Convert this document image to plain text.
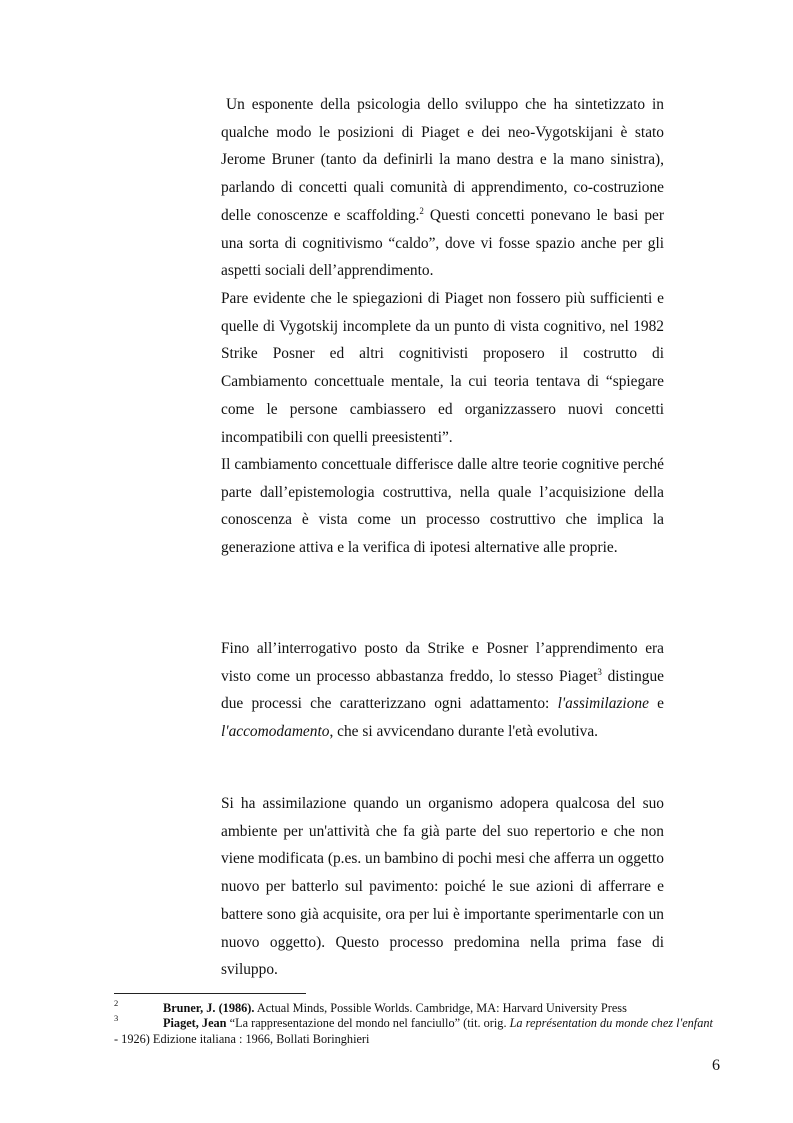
Un esponente della psicologia dello sviluppo che ha sintetizzato in qualche modo le posizioni di Piaget e dei neo-Vygotskijani è stato Jerome Bruner (tanto da definirli la mano destra e la mano sinistra), parlando di concetti quali comunità di apprendimento, co-costruzione delle conoscenze e scaffolding.$^2$ Questi concetti ponevano le basi per una sorta di cognitivismo “caldo”, dove vi fosse spazio anche per gli aspetti sociali dell’apprendimento.

Pare evidente che le spiegazioni di Piaget non fossero più sufficienti e quelle di Vygotskij incomplete da un punto di vista cognitivo, nel 1982 Strike Posner ed altri cognitivisti proposero il costrutto di Cambiamento concettuale mentale, la cui teoria tentava di “spiegare come le persone cambiassero ed organizzassero nuovi concetti incompatibili con quelli preesistenti”.

Il cambiamento concettuale differisce dalle altre teorie cognitive perché parte dall’epistemologia costruttiva, nella quale l’acquisizione della conoscenza è vista come un processo costruttivo che implica la generazione attiva e la verifica di ipotesi alternative alle proprie.

Fino all’interrogativo posto da Strike e Posner l’apprendimento era visto come un processo abbastanza freddo, lo stesso Piaget$^3$ distingue due processi che caratterizzano ogni adattamento: l'assimilazione e l'accomodamento, che si avvicendano durante l'età evolutiva.

Si ha assimilazione quando un organismo adopera qualcosa del suo ambiente per un'attività che fa già parte del suo repertorio e che non viene modificata (p.es. un bambino di pochi mesi che afferra un oggetto nuovo per batterlo sul pavimento: poiché le sue azioni di afferrare e battere sono già acquisite, ora per lui è importante sperimentarle con un nuovo oggetto). Questo processo predomina nella prima fase di sviluppo.

2	Bruner, J. (1986). Actual Minds, Possible Worlds. Cambridge, MA: Harvard University Press

3	Piaget, Jean “La rappresentazione del mondo nel fanciullo” (tit. orig. La représentation du monde chez l'enfant - 1926) Edizione italiana : 1966, Bollati Boringhieri

6
